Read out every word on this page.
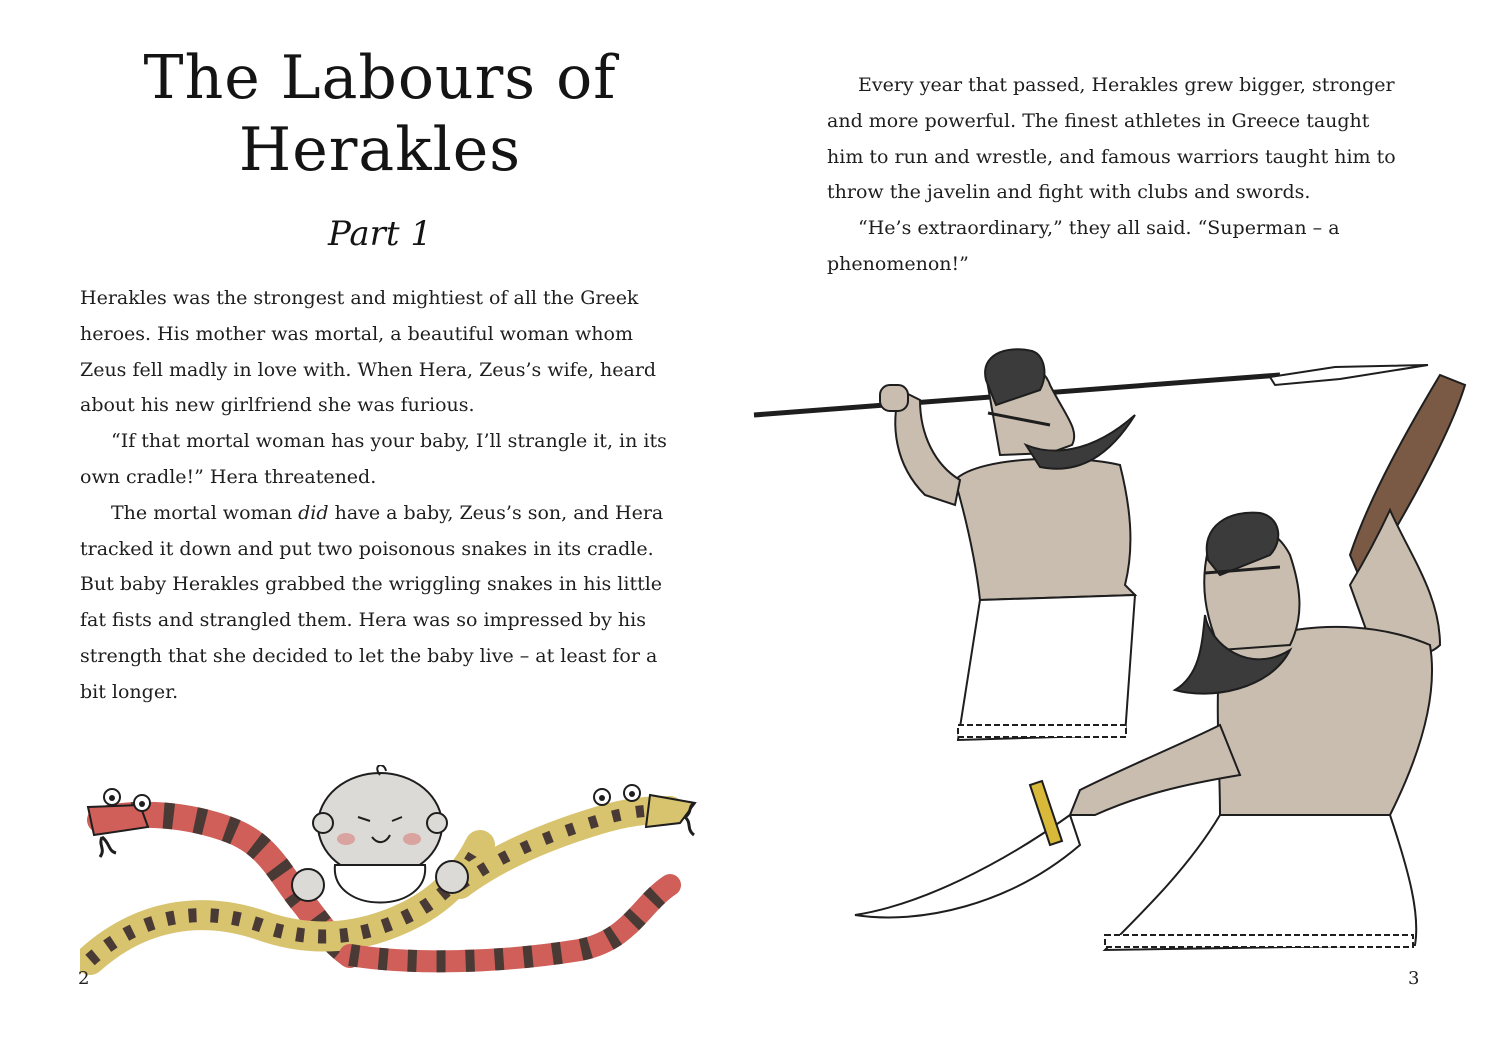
The Labours of
Herakles
Part 1

Herakles was the strongest and mightiest of all the Greek heroes. His mother was mortal, a beautiful woman whom Zeus fell madly in love with. When Hera, Zeus’s wife, heard about his new girlfriend she was furious.

“If that mortal woman has your baby, I’ll strangle it, in its own cradle!” Hera threatened.

The mortal woman did have a baby, Zeus’s son, and Hera tracked it down and put two poisonous snakes in its cradle. But baby Herakles grabbed the wriggling snakes in his little fat fists and strangled them. Hera was so impressed by his strength that she decided to let the baby live – at least for a bit longer.

2

Every year that passed, Herakles grew bigger, stronger and more powerful. The finest athletes in Greece taught him to run and wrestle, and famous warriors taught him to throw the javelin and fight with clubs and swords.

“He’s extraordinary,” they all said. “Superman – a phenomenon!”

3
